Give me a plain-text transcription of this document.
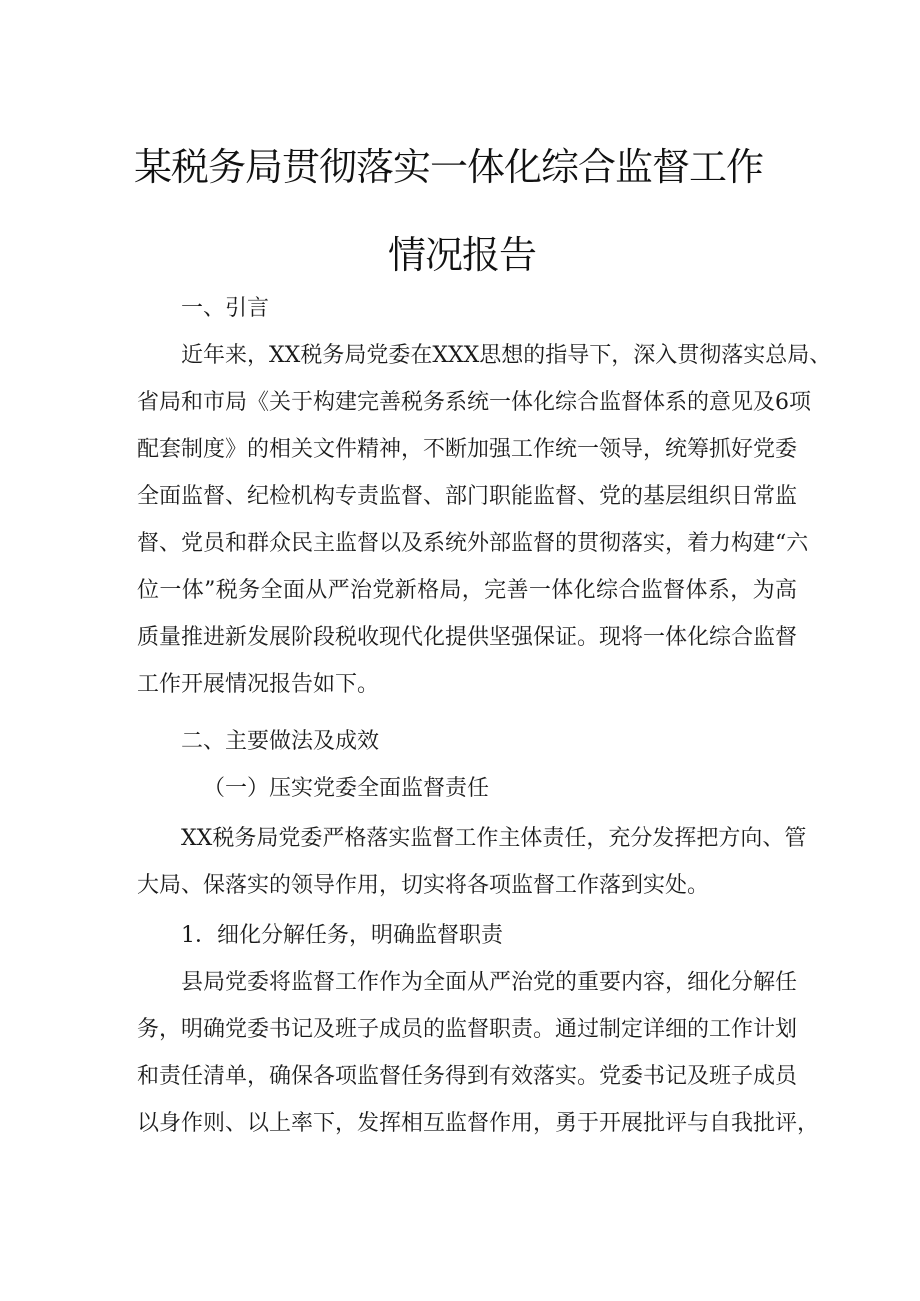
某税务局贯彻落实一体化综合监督工作
情况报告

一、引言

近年来，XX税务局党委在XXX思想的指导下，深入贯彻落实总局、

省局和市局《关于构建完善税务系统一体化综合监督体系的意见及6项

配套制度》的相关文件精神，不断加强工作统一领导，统筹抓好党委

全面监督、纪检机构专责监督、部门职能监督、党的基层组织日常监

督、党员和群众民主监督以及系统外部监督的贯彻落实，着力构建“六

位一体”税务全面从严治党新格局，完善一体化综合监督体系，为高

质量推进新发展阶段税收现代化提供坚强保证。现将一体化综合监督

工作开展情况报告如下。

二、主要做法及成效

（一）压实党委全面监督责任

XX税务局党委严格落实监督工作主体责任，充分发挥把方向、管

大局、保落实的领导作用，切实将各项监督工作落到实处。

1．细化分解任务，明确监督职责

县局党委将监督工作作为全面从严治党的重要内容，细化分解任

务，明确党委书记及班子成员的监督职责。通过制定详细的工作计划

和责任清单，确保各项监督任务得到有效落实。党委书记及班子成员

以身作则、以上率下，发挥相互监督作用，勇于开展批评与自我批评，
